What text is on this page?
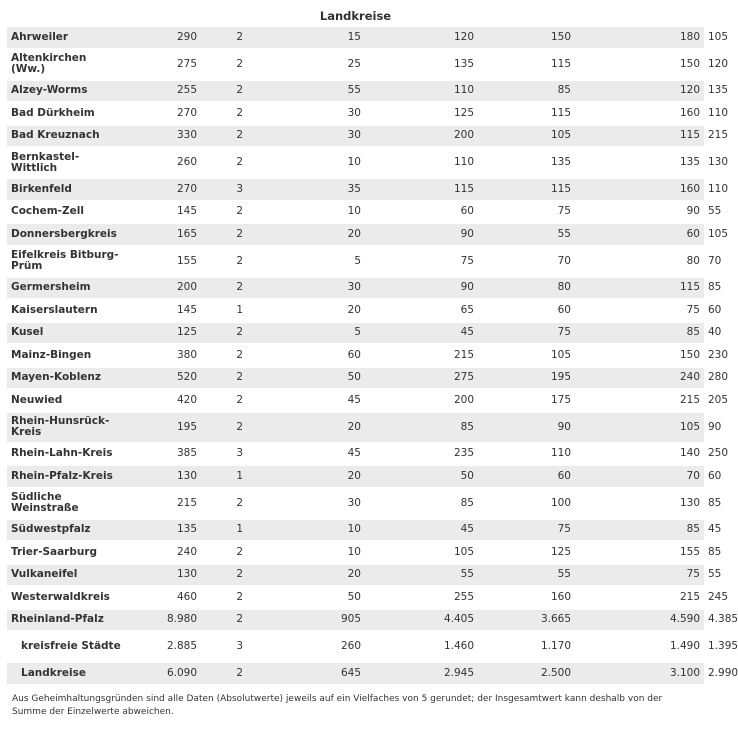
Landkreise
Ahrweiler	290	2	15	120	150	180	105
Altenkirchen (Ww.)	275	2	25	135	115	150	120
Alzey-Worms	255	2	55	110	85	120	135
Bad Dürkheim	270	2	30	125	115	160	110
Bad Kreuznach	330	2	30	200	105	115	215
Bernkastel-Wittlich	260	2	10	110	135	135	130
Birkenfeld	270	3	35	115	115	160	110
Cochem-Zell	145	2	10	60	75	90	55
Donnersbergkreis	165	2	20	90	55	60	105
Eifelkreis Bitburg-Prüm	155	2	5	75	70	80	70
Germersheim	200	2	30	90	80	115	85
Kaiserslautern	145	1	20	65	60	75	60
Kusel	125	2	5	45	75	85	40
Mainz-Bingen	380	2	60	215	105	150	230
Mayen-Koblenz	520	2	50	275	195	240	280
Neuwied	420	2	45	200	175	215	205
Rhein-Hunsrück-Kreis	195	2	20	85	90	105	90
Rhein-Lahn-Kreis	385	3	45	235	110	140	250
Rhein-Pfalz-Kreis	130	1	20	50	60	70	60
Südliche Weinstraße	215	2	30	85	100	130	85
Südwestpfalz	135	1	10	45	75	85	45
Trier-Saarburg	240	2	10	105	125	155	85
Vulkaneifel	130	2	20	55	55	75	55
Westerwaldkreis	460	2	50	255	160	215	245
Rheinland-Pfalz	8.980	2	905	4.405	3.665	4.590	4.385
kreisfreie Städte	2.885	3	260	1.460	1.170	1.490	1.395
Landkreise	6.090	2	645	2.945	2.500	3.100	2.990
Aus Geheimhaltungsgründen sind alle Daten (Absolutwerte) jeweils auf ein Vielfaches von 5 gerundet; der Insgesamtwert kann deshalb von der Summe der Einzelwerte abweichen.
